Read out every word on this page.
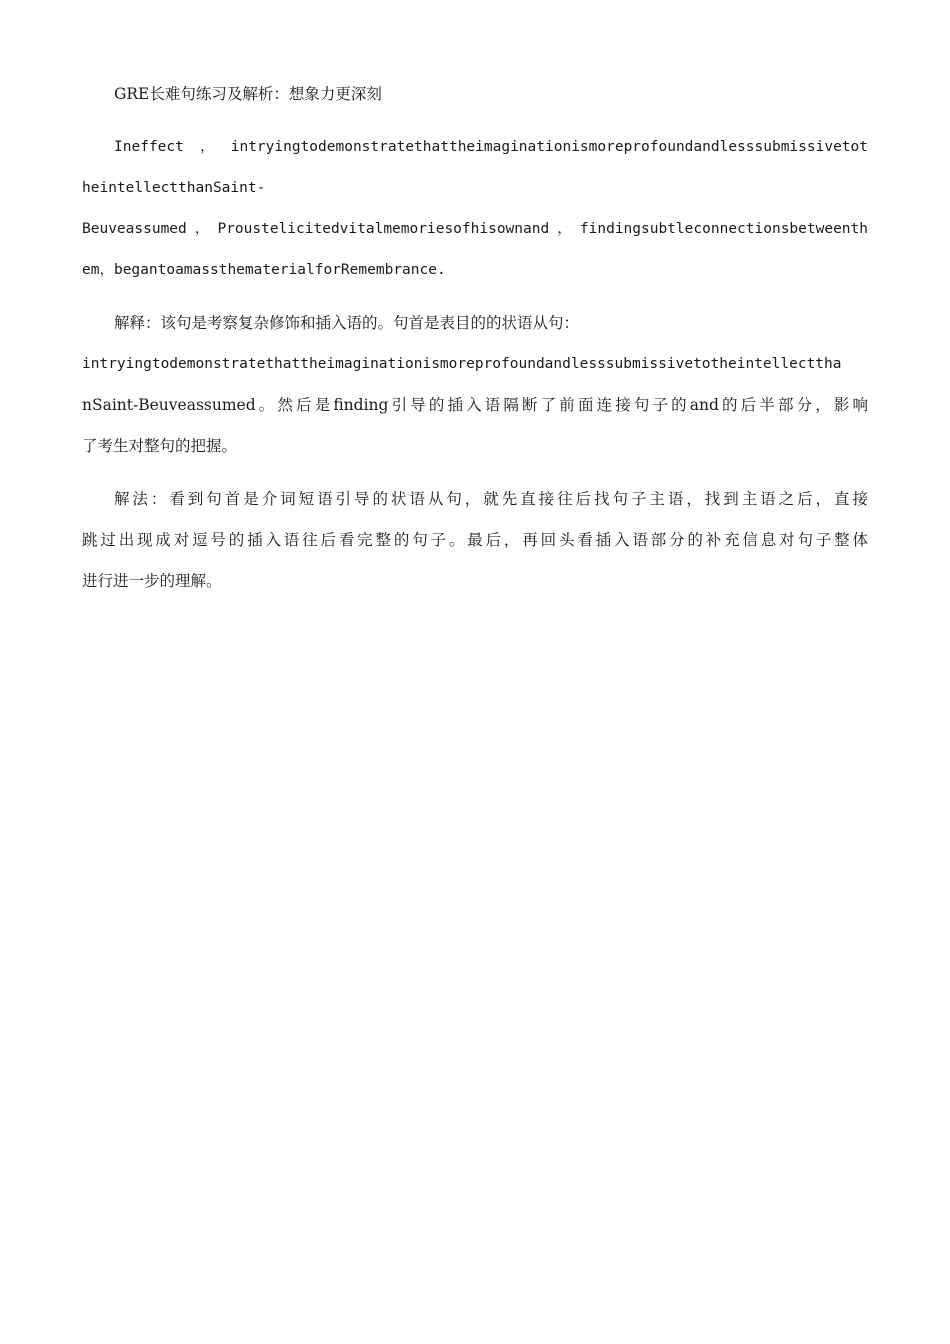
GRE长难句练习及解析：想象力更深刻
Ineffect，intryingtodemonstratethattheimaginationismoreprofoundandlesssubmissivetot
heintellectthanSaint-
Beuveassumed，Proustelicitedvitalmemoriesofhisownand，findingsubtleconnectionsbetweenth
em，begantoamassthematerialforRemembrance.
解释：该句是考察复杂修饰和插入语的。句首是表目的的状语从句：
intryingtodemonstratethattheimaginationismoreprofoundandlesssubmissivetotheintellectthа
nSaint-Beuveassumed。然后是finding引导的插入语隔断了前面连接句子的and的后半部分，影响
了考生对整句的把握。
解法：看到句首是介词短语引导的状语从句，就先直接往后找句子主语，找到主语之后，直接
跳过出现成对逗号的插入语往后看完整的句子。最后，再回头看插入语部分的补充信息对句子整体
进行进一步的理解。
